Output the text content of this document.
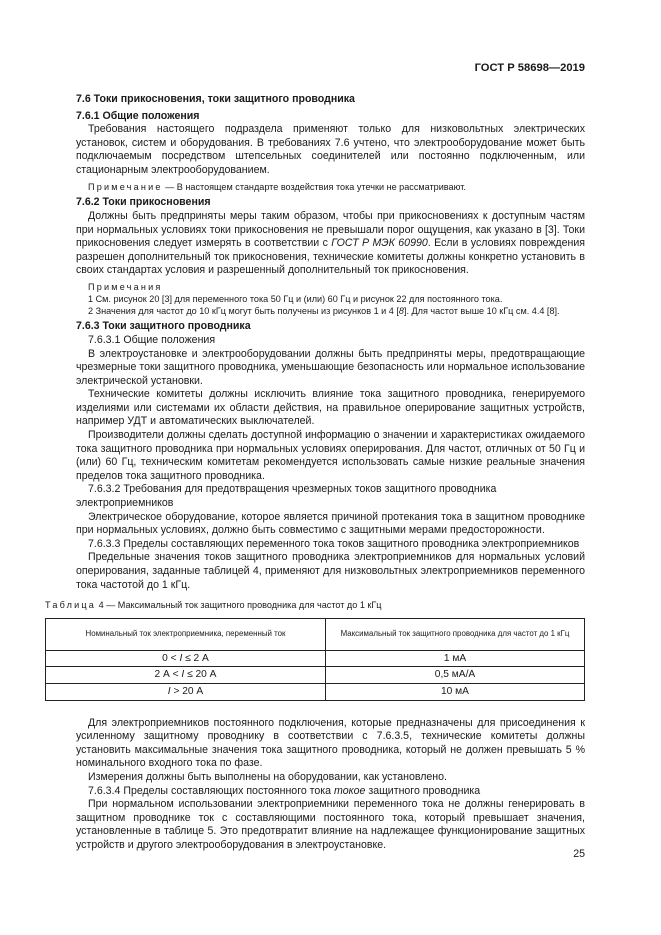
ГОСТ Р 58698—2019
7.6 Токи прикосновения, токи защитного проводника
7.6.1 Общие положения
Требования настоящего подраздела применяют только для низковольтных электрических установок, систем и оборудования. В требованиях 7.6 учтено, что электрооборудование может быть подключаемым посредством штепсельных соединителей или постоянно подключенным, или стационарным электрооборудованием.
Примечание — В настоящем стандарте воздействия тока утечки не рассматривают.
7.6.2 Токи прикосновения
Должны быть предприняты меры таким образом, чтобы при прикосновениях к доступным частям при нормальных условиях токи прикосновения не превышали порог ощущения, как указано в [3]. Токи прикосновения следует измерять в соответствии с ГОСТ Р МЭК 60990. Если в условиях повреждения разрешен дополнительный ток прикосновения, технические комитеты должны конкретно установить в своих стандартах условия и разрешенный дополнительный ток прикосновения.
Примечания
1 См. рисунок 20 [3] для переменного тока 50 Гц и (или) 60 Гц и рисунок 22 для постоянного тока.
2 Значения для частот до 10 кГц могут быть получены из рисунков 1 и 4 [8]. Для частот выше 10 кГц см. 4.4 [8].
7.6.3 Токи защитного проводника
7.6.3.1 Общие положения
В электроустановке и электрооборудовании должны быть предприняты меры, предотвращающие чрезмерные токи защитного проводника, уменьшающие безопасность или нормальное использование электрической установки.
Технические комитеты должны исключить влияние тока защитного проводника, генерируемого изделиями или системами их области действия, на правильное оперирование защитных устройств, например УДТ и автоматических выключателей.
Производители должны сделать доступной информацию о значении и характеристиках ожидаемого тока защитного проводника при нормальных условиях оперирования. Для частот, отличных от 50 Гц и (или) 60 Гц, техническим комитетам рекомендуется использовать самые низкие реальные значения пределов тока защитного проводника.
7.6.3.2 Требования для предотвращения чрезмерных токов защитного проводника электроприемников
Электрическое оборудование, которое является причиной протекания тока в защитном проводнике при нормальных условиях, должно быть совместимо с защитными мерами предосторожности.
7.6.3.3 Пределы составляющих переменного тока токов защитного проводника электроприемников
Предельные значения токов защитного проводника электроприемников для нормальных условий оперирования, заданные таблицей 4, применяют для низковольтных электроприемников переменного тока частотой до 1 кГц.
Таблица 4 — Максимальный ток защитного проводника для частот до 1 кГц
Номинальный ток электроприемника, переменный ток	Максимальный ток защитного проводника для частот до 1 кГц
0 < I ≤ 2 А	1 мА
2 А < I ≤ 20 А	0,5 мА/А
I > 20 А	10 мА
Для электроприемников постоянного подключения, которые предназначены для присоединения к усиленному защитному проводнику в соответствии с 7.6.3.5, технические комитеты должны установить максимальные значения тока защитного проводника, который не должен превышать 5 % номинального входного тока по фазе.
Измерения должны быть выполнены на оборудовании, как установлено.
7.6.3.4 Пределы составляющих постоянного тока токое защитного проводника
При нормальном использовании электроприемники переменного тока не должны генерировать в защитном проводнике ток с составляющими постоянного тока, который превышает значения, установленные в таблице 5. Это предотвратит влияние на надлежащее функционирование защитных устройств и другого электрооборудования в электроустановке.
25
